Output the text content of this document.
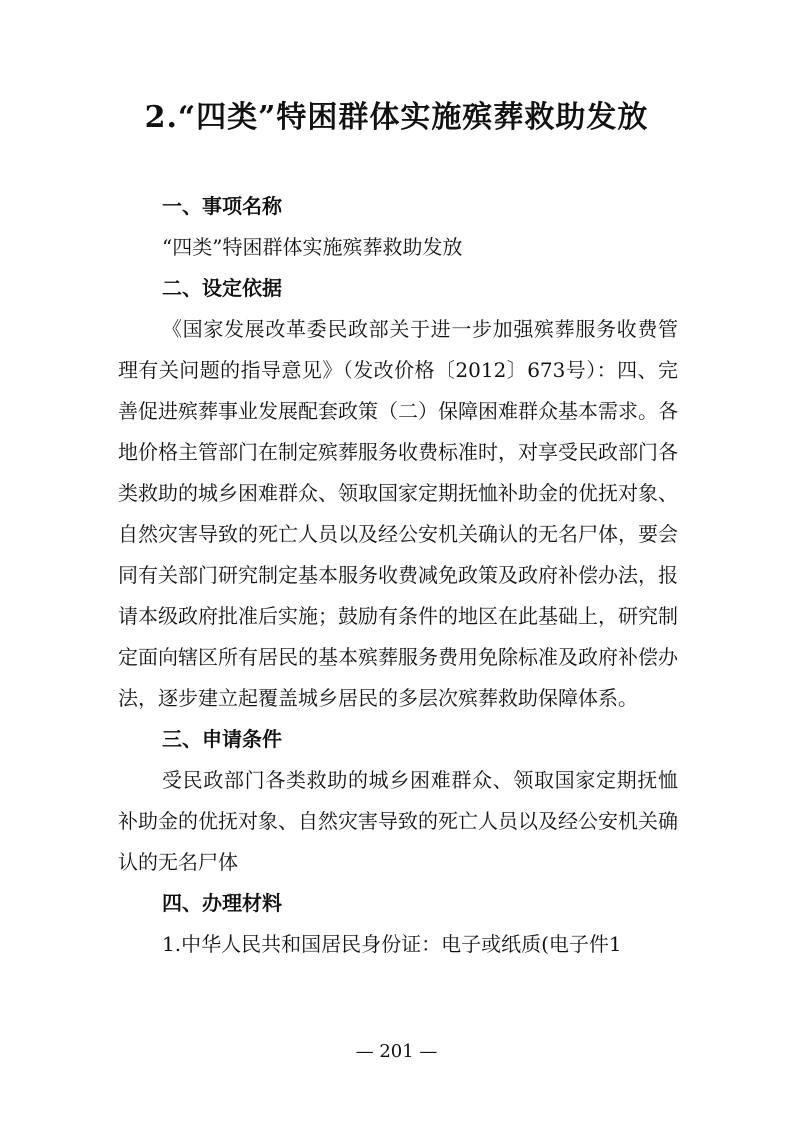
2.“四类”特困群体实施殡葬救助发放
一、事项名称

“四类”特困群体实施殡葬救助发放

二、设定依据

《国家发展改革委民政部关于进一步加强殡葬服务收费管理有关问题的指导意见》（发改价格〔2012〕673号）：四、完善促进殡葬事业发展配套政策（二）保障困难群众基本需求。各地价格主管部门在制定殡葬服务收费标准时，对享受民政部门各类救助的城乡困难群众、领取国家定期抚恤补助金的优抚对象、自然灾害导致的死亡人员以及经公安机关确认的无名尸体，要会同有关部门研究制定基本服务收费减免政策及政府补偿办法，报请本级政府批准后实施；鼓励有条件的地区在此基础上，研究制定面向辖区所有居民的基本殡葬服务费用免除标准及政府补偿办法，逐步建立起覆盖城乡居民的多层次殡葬救助保障体系。

三、申请条件

受民政部门各类救助的城乡困难群众、领取国家定期抚恤补助金的优抚对象、自然灾害导致的死亡人员以及经公安机关确认的无名尸体

四、办理材料

1.中华人民共和国居民身份证：电子或纸质(电子件1

— 201 —
